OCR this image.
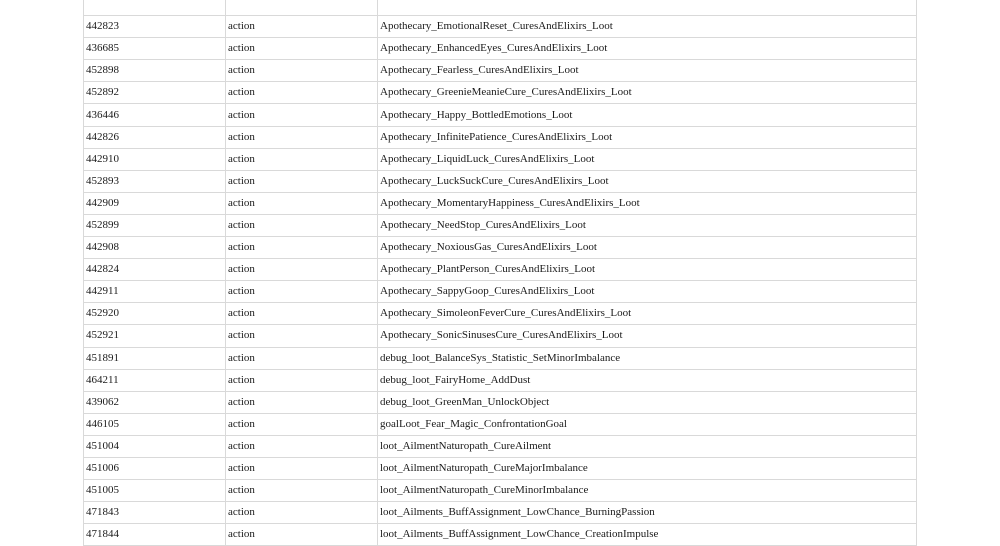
442823	action	Apothecary_EmotionalReset_CuresAndElixirs_Loot
436685	action	Apothecary_EnhancedEyes_CuresAndElixirs_Loot
452898	action	Apothecary_Fearless_CuresAndElixirs_Loot
452892	action	Apothecary_GreenieMeanieCure_CuresAndElixirs_Loot
436446	action	Apothecary_Happy_BottledEmotions_Loot
442826	action	Apothecary_InfinitePatience_CuresAndElixirs_Loot
442910	action	Apothecary_LiquidLuck_CuresAndElixirs_Loot
452893	action	Apothecary_LuckSuckCure_CuresAndElixirs_Loot
442909	action	Apothecary_MomentaryHappiness_CuresAndElixirs_Loot
452899	action	Apothecary_NeedStop_CuresAndElixirs_Loot
442908	action	Apothecary_NoxiousGas_CuresAndElixirs_Loot
442824	action	Apothecary_PlantPerson_CuresAndElixirs_Loot
442911	action	Apothecary_SappyGoop_CuresAndElixirs_Loot
452920	action	Apothecary_SimoleonFeverCure_CuresAndElixirs_Loot
452921	action	Apothecary_SonicSinusesCure_CuresAndElixirs_Loot
451891	action	debug_loot_BalanceSys_Statistic_SetMinorImbalance
464211	action	debug_loot_FairyHome_AddDust
439062	action	debug_loot_GreenMan_UnlockObject
446105	action	goalLoot_Fear_Magic_ConfrontationGoal
451004	action	loot_AilmentNaturopath_CureAilment
451006	action	loot_AilmentNaturopath_CureMajorImbalance
451005	action	loot_AilmentNaturopath_CureMinorImbalance
471843	action	loot_Ailments_BuffAssignment_LowChance_BurningPassion
471844	action	loot_Ailments_BuffAssignment_LowChance_CreationImpulse
